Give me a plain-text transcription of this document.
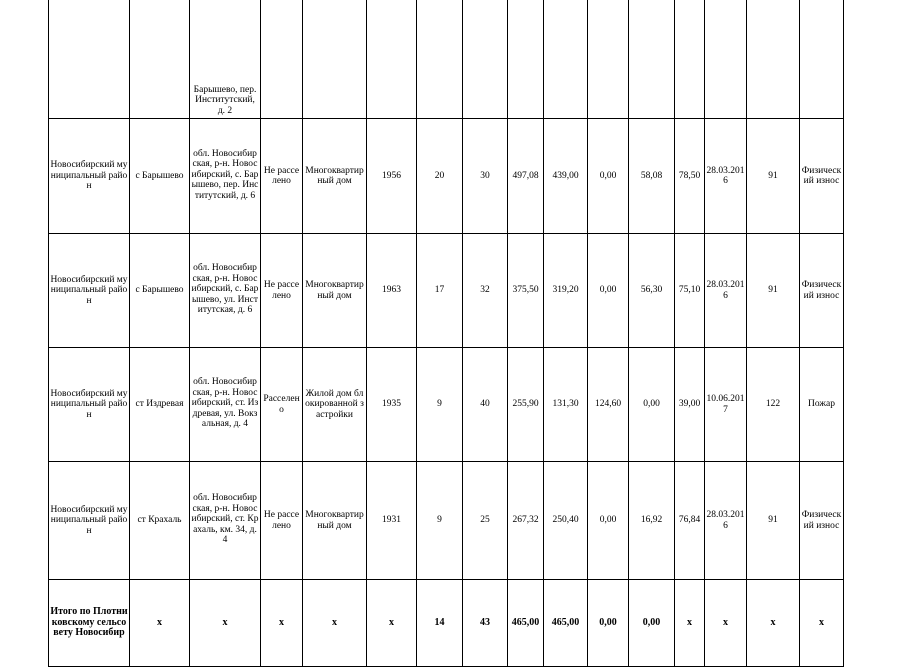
		Барышево, пер. Институтский, д. 2													
Новосибирский муниципальный район	с Барышево	обл. Новосибирская, р-н. Новосибирский, с. Барышево, пер. Институтский, д. 6	Не расселено	Многоквартирный дом	1956	20	30	497,08	439,00	0,00	58,08	78,50	28.03.2016	91	Физический износ
Новосибирский муниципальный район	с Барышево	обл. Новосибирская, р-н. Новосибирский, с. Барышево, ул. Институтская, д. 6	Не расселено	Многоквартирный дом	1963	17	32	375,50	319,20	0,00	56,30	75,10	28.03.2016	91	Физический износ
Новосибирский муниципальный район	ст Издревая	обл. Новосибирская, р-н. Новосибирский, ст. Издревая, ул. Вокзальная, д. 4	Расселено	Жилой дом блокированной застройки	1935	9	40	255,90	131,30	124,60	0,00	39,00	10.06.2017	122	Пожар
Новосибирский муниципальный район	ст Крахаль	обл. Новосибирская, р-н. Новосибирский, ст. Крахаль, км. 34, д. 4	Не расселено	Многоквартирный дом	1931	9	25	267,32	250,40	0,00	16,92	76,84	28.03.2016	91	Физический износ
Итого по Плотниковскому сельсовету Новосибир	x	x	x	x	x	14	43	465,00	465,00	0,00	0,00	x	x	x	x
